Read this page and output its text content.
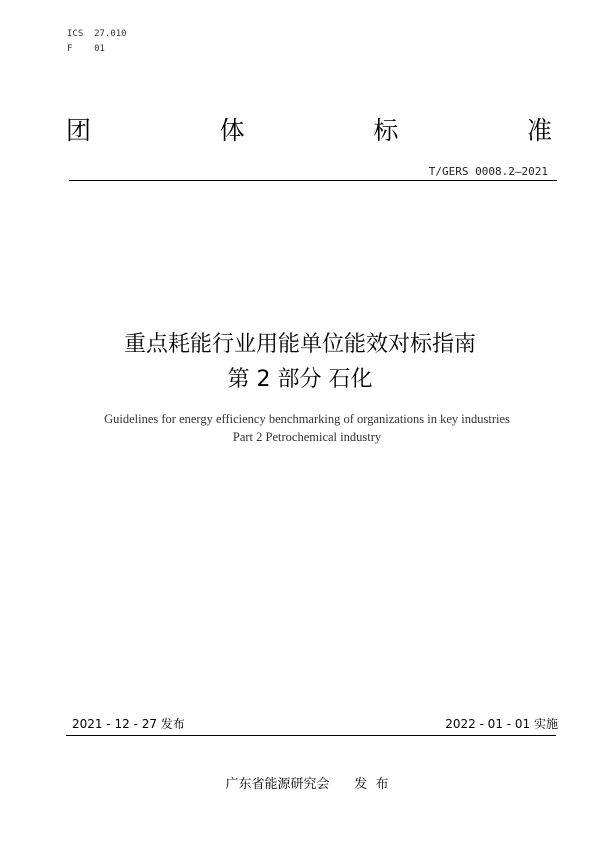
ICS  27.010
F    01
团	体	标	准
T/GERS 0008.2—2021
重点耗能行业用能单位能效对标指南
第 2 部分 石化
Guidelines for energy efficiency benchmarking of organizations in key industries
Part 2 Petrochemical industry
2021 - 12 - 27 发布	2022 - 01 - 01 实施
广东省能源研究会      发  布
